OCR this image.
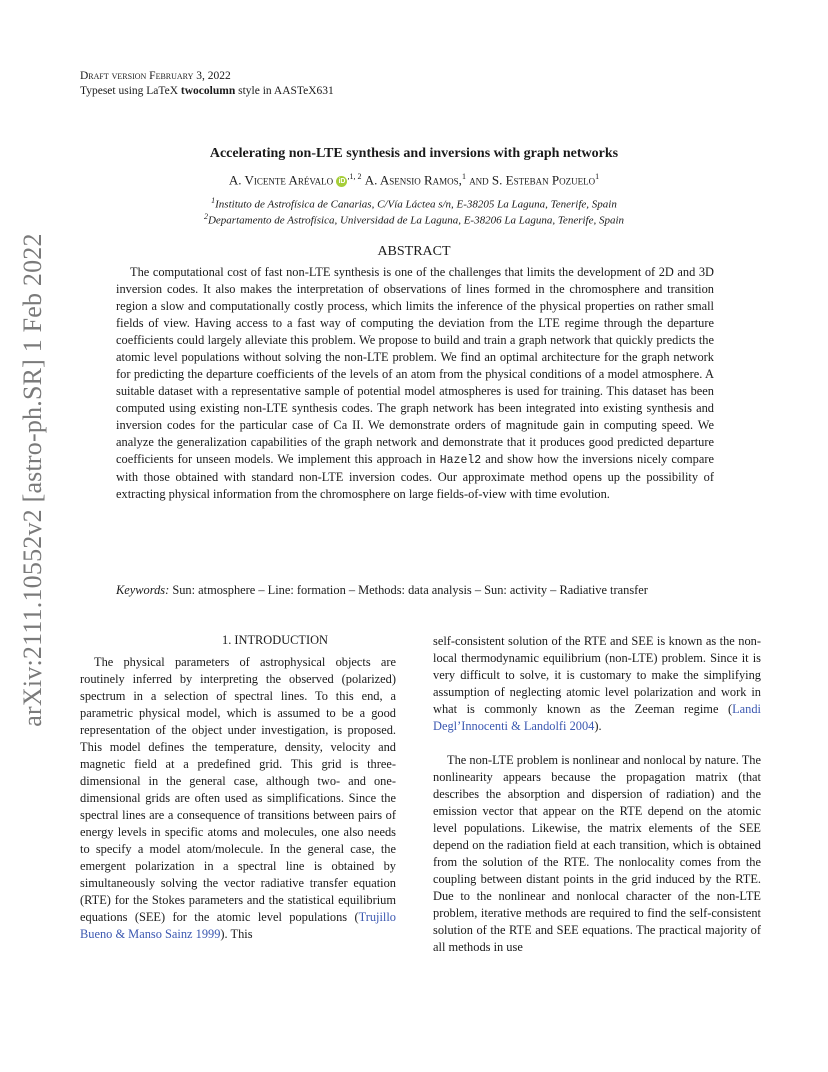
Draft version February 3, 2022
Typeset using LaTeX twocolumn style in AASTeX631
arXiv:2111.10552v2 [astro-ph.SR] 1 Feb 2022
Accelerating non-LTE synthesis and inversions with graph networks
A. Vicente Arévalo $iD^{,1, 2}$ A. Asensio Ramos,$^1$ and S. Esteban Pozuelo$^1$
$^1$Instituto de Astrofísica de Canarias, C/Vía Láctea s/n, E-38205 La Laguna, Tenerife, Spain
$^2$Departamento de Astrofísica, Universidad de La Laguna, E-38206 La Laguna, Tenerife, Spain
ABSTRACT

The computational cost of fast non-LTE synthesis is one of the challenges that limits the development of 2D and 3D inversion codes. It also makes the interpretation of observations of lines formed in the chromosphere and transition region a slow and computationally costly process, which limits the inference of the physical properties on rather small fields of view. Having access to a fast way of computing the deviation from the LTE regime through the departure coefficients could largely alleviate this problem. We propose to build and train a graph network that quickly predicts the atomic level populations without solving the non-LTE problem. We find an optimal architecture for the graph network for predicting the departure coefficients of the levels of an atom from the physical conditions of a model atmosphere. A suitable dataset with a representative sample of potential model atmospheres is used for training. This dataset has been computed using existing non-LTE synthesis codes. The graph network has been integrated into existing synthesis and inversion codes for the particular case of Ca II. We demonstrate orders of magnitude gain in computing speed. We analyze the generalization capabilities of the graph network and demonstrate that it produces good predicted departure coefficients for unseen models. We implement this approach in Hazel2 and show how the inversions nicely compare with those obtained with standard non-LTE inversion codes. Our approximate method opens up the possibility of extracting physical information from the chromosphere on large fields-of-view with time evolution.

Keywords: Sun: atmosphere – Line: formation – Methods: data analysis – Sun: activity – Radiative transfer
1. INTRODUCTION

The physical parameters of astrophysical objects are routinely inferred by interpreting the observed (polarized) spectrum in a selection of spectral lines. To this end, a parametric physical model, which is assumed to be a good representation of the object under investigation, is proposed. This model defines the temperature, density, velocity and magnetic field at a predefined grid. This grid is three-dimensional in the general case, although two- and one-dimensional grids are often used as simplifications. Since the spectral lines are a consequence of transitions between pairs of energy levels in specific atoms and molecules, one also needs to specify a model atom/molecule. In the general case, the emergent polarization in a spectral line is obtained by simultaneously solving the vector radiative transfer equation (RTE) for the Stokes parameters and the statistical equilibrium equations (SEE) for the atomic level populations (Trujillo Bueno & Manso Sainz 1999). This

self-consistent solution of the RTE and SEE is known as the non-local thermodynamic equilibrium (non-LTE) problem. Since it is very difficult to solve, it is customary to make the simplifying assumption of neglecting atomic level polarization and work in what is commonly known as the Zeeman regime (Landi Degl’Innocenti & Landolfi 2004).

The non-LTE problem is nonlinear and nonlocal by nature. The nonlinearity appears because the propagation matrix (that describes the absorption and dispersion of radiation) and the emission vector that appear on the RTE depend on the atomic level populations. Likewise, the matrix elements of the SEE depend on the radiation field at each transition, which is obtained from the solution of the RTE. The nonlocality comes from the coupling between distant points in the grid induced by the RTE. Due to the nonlinear and nonlocal character of the non-LTE problem, iterative methods are required to find the self-consistent solution of the RTE and SEE equations. The practical majority of all methods in use
